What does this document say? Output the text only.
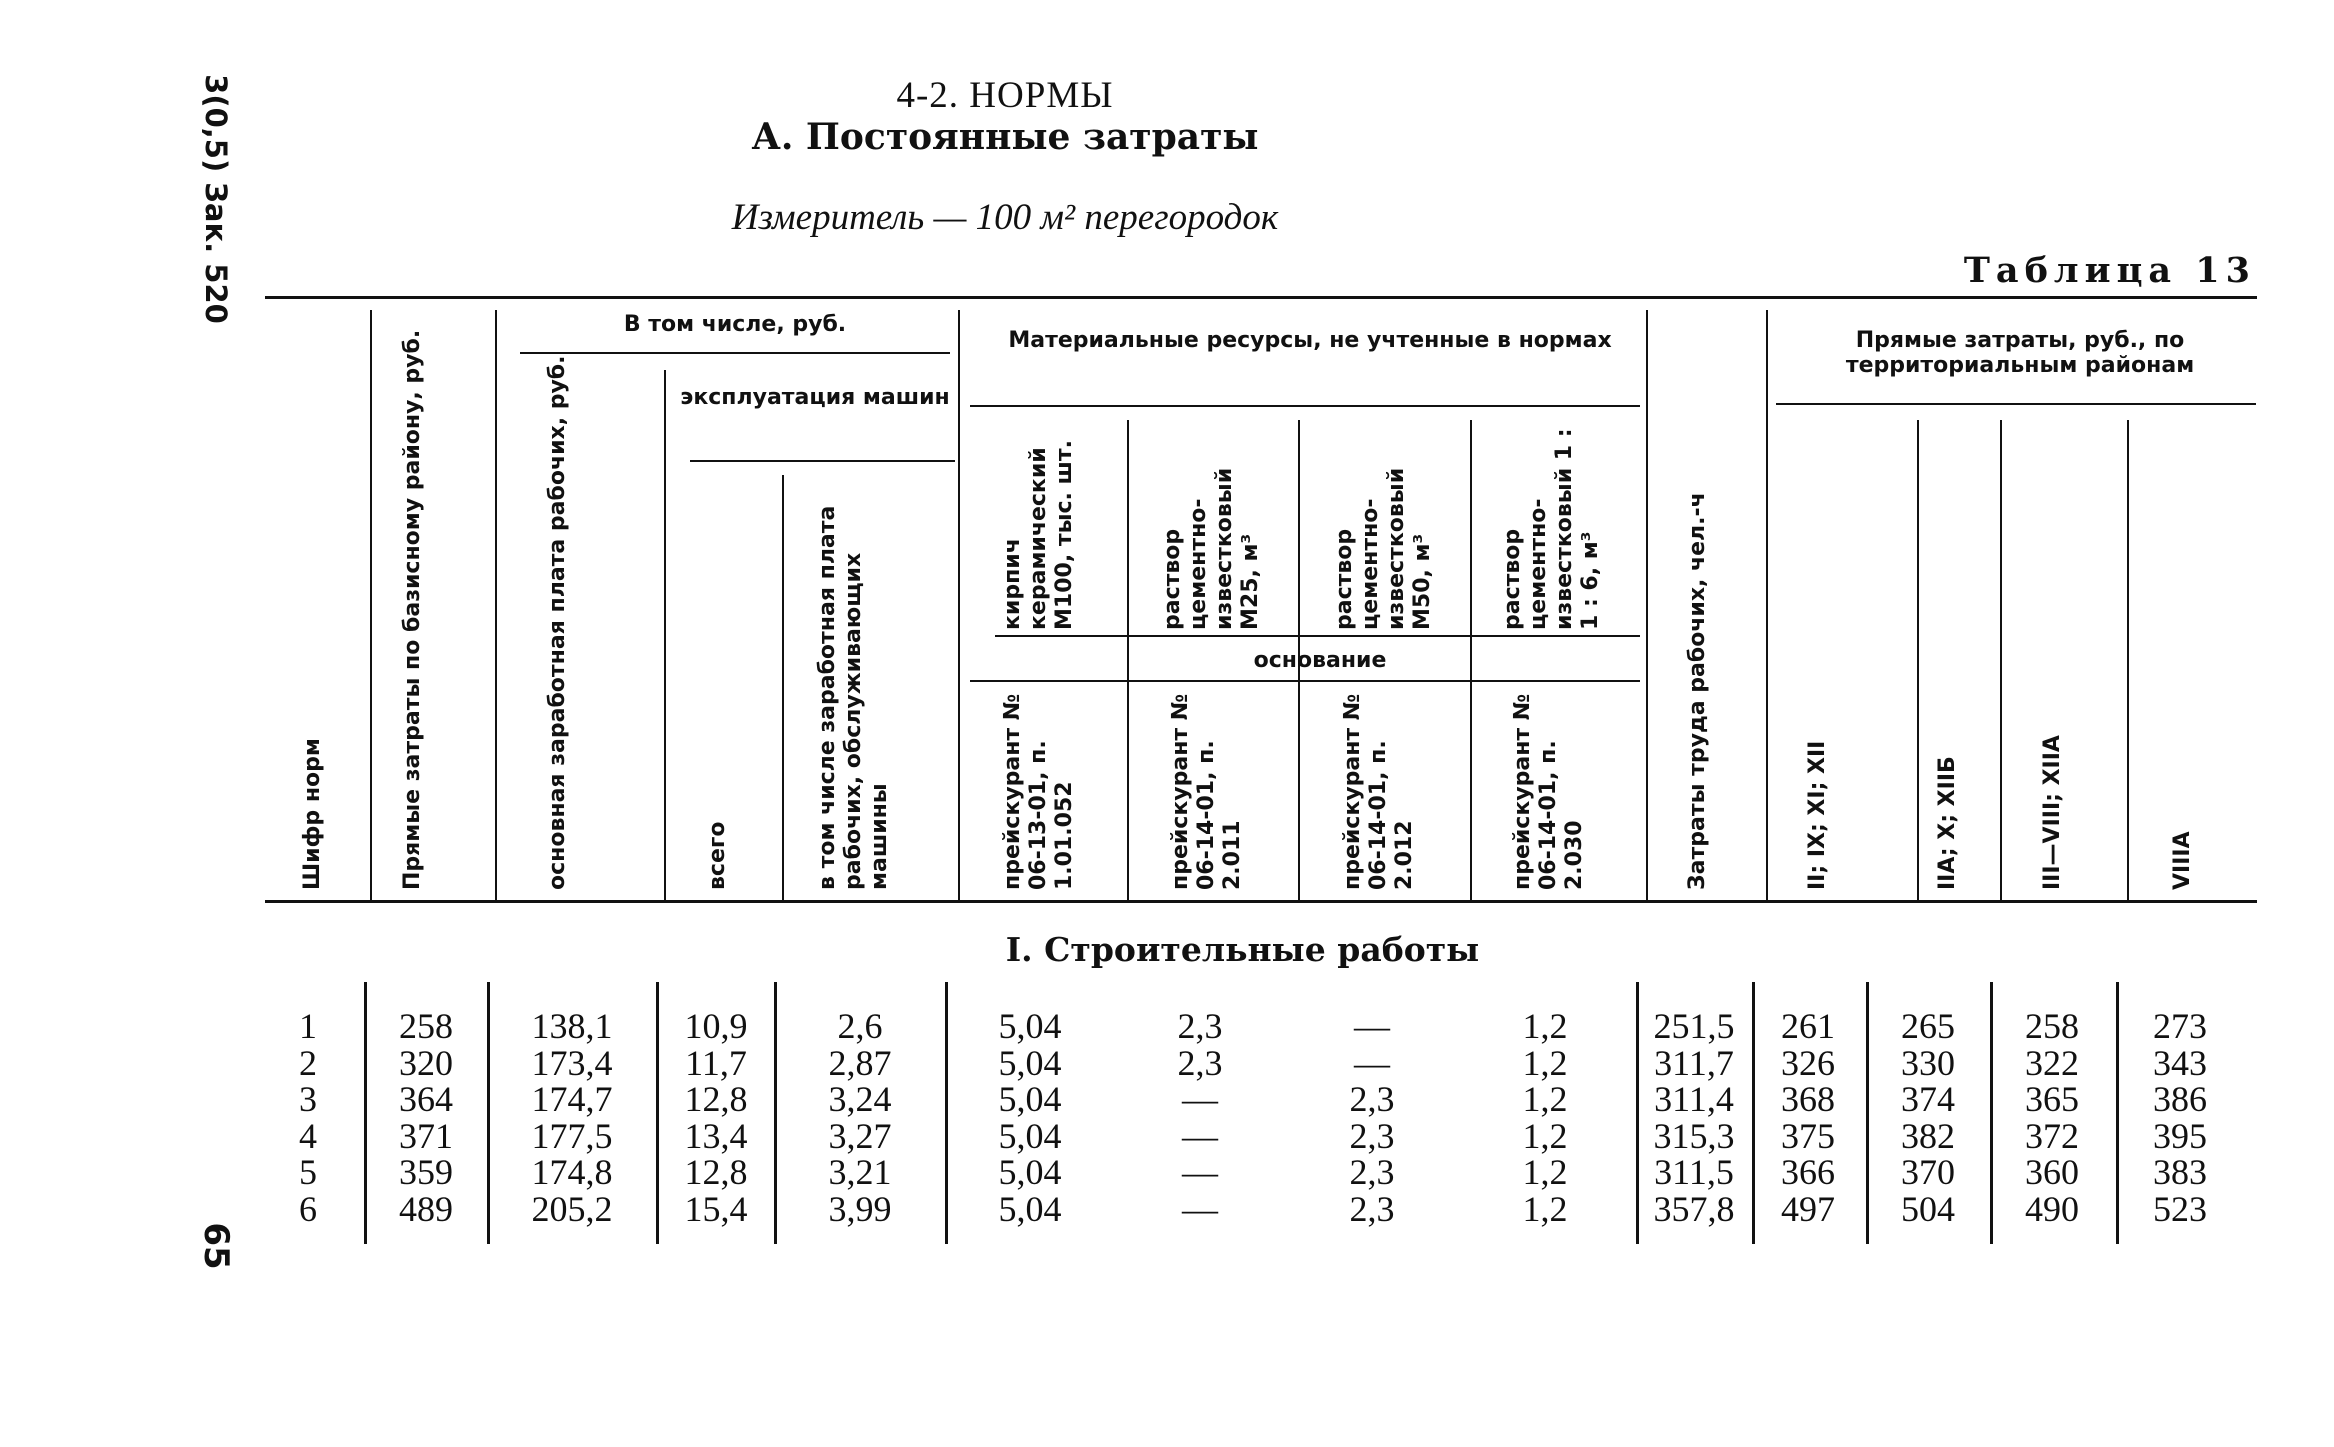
3(0,5) Зак. 520
65
4-2. НОРМЫ
А. Постоянные затраты
Измеритель — 100 м² перегородок
Таблица 13
В том числе, руб.
эксплуатация машин
Материальные ресурсы, не учтенные в нормах
основание
Прямые затраты, руб., по территориальным районам
Шифр норм	Прямые затраты по базисному району, руб.	основная заработная плата рабочих, руб.	всего	в том числе заработная плата рабочих, обслуживающих машины
кирпич керамический М100, тыс. шт.	раствор цементно-известковый М25, м³	раствор цементно-известковый М50, м³	раствор цементно-известковый 1 : 1 : 6, м³
прейскурант № 06-13-01, п. 1.01.052	прейскурант № 06-14-01, п. 2.011	прейскурант № 06-14-01, п. 2.012	прейскурант № 06-14-01, п. 2.030	Затраты труда рабочих, чел.-ч	II; IX; XI; XII	IIA; X; XIIБ	III—VIII; XIIA	VIIIA
I. Строительные работы
1	258	138,1	10,9	2,6	5,04	2,3	—	1,2	251,5	261	265	258	273
2	320	173,4	11,7	2,87	5,04	2,3	—	1,2	311,7	326	330	322	343
3	364	174,7	12,8	3,24	5,04	—	2,3	1,2	311,4	368	374	365	386
4	371	177,5	13,4	3,27	5,04	—	2,3	1,2	315,3	375	382	372	395
5	359	174,8	12,8	3,21	5,04	—	2,3	1,2	311,5	366	370	360	383
6	489	205,2	15,4	3,99	5,04	—	2,3	1,2	357,8	497	504	490	523
